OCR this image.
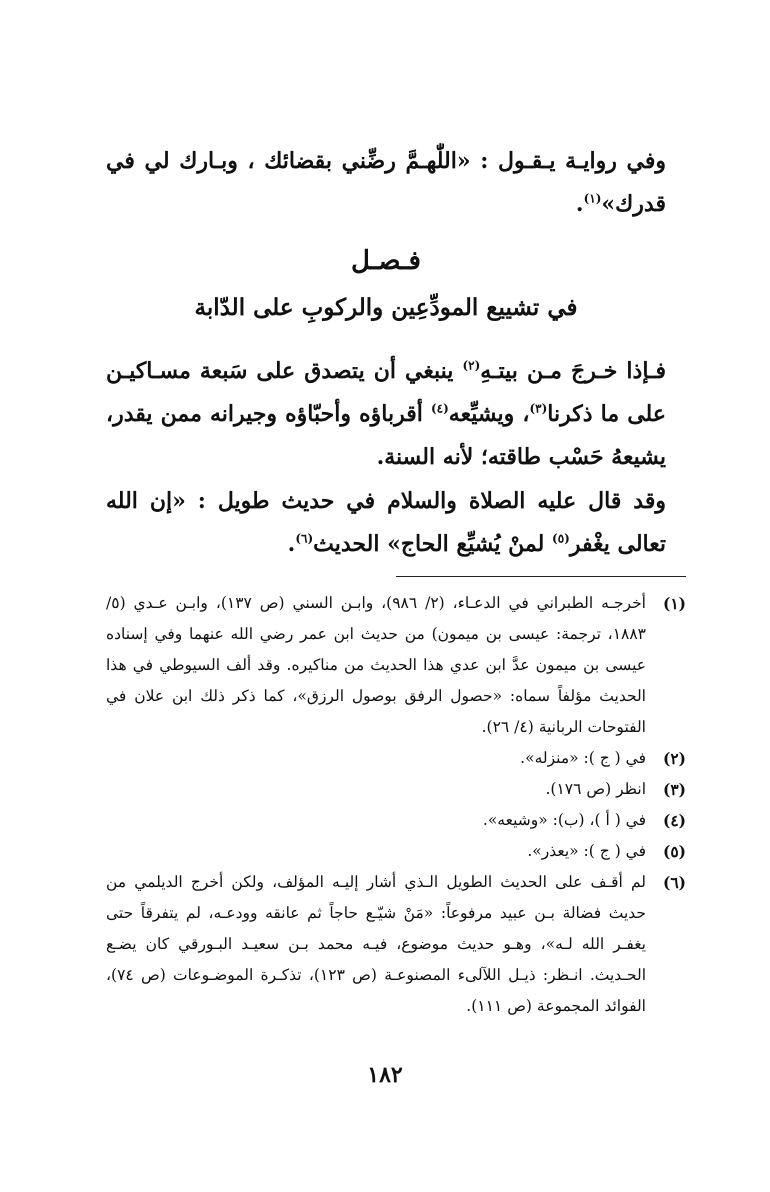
وفي روايـة يـقـول : «اللّٰهـمَّ رضِّني بقضائك ، وبـارك لي في قدرك»$^{(١)}$.

فـصـل
في تشييع المودِّعِين والركوبِ على الدّابة

فـإذا خـرجَ مـن بيتـهِ$^{(٢)}$ ينبغي أن يتصدق على سَبعة مسـاكيـن على ما ذكرنا$^{(٣)}$، ويشيِّعه$^{(٤)}$ أقرباؤه وأحبّاؤه وجيرانه ممن يقدر، يشيعهُ حَسْب طاقته؛ لأنه السنة.

وقد قال عليه الصلاة والسلام في حديث طويل : «إن الله تعالى يغْفر$^{(٥)}$ لمنْ يُشيِّع الحاج» الحديث$^{(٦)}$.

(١)
أخرجـه الطبراني في الدعـاء، (٢/ ٩٨٦)، وابـن السني (ص ١٣٧)، وابـن عـدي (٥/ ١٨٨٣، ترجمة: عيسى بن ميمون) من حديث ابن عمر رضي الله عنهما وفي إسناده عيسى بن ميمون عدَّ ابن عدي هذا الحديث من مناكيره. وقد ألف السيوطي في هذا الحديث مؤلفاً سماه: «حصول الرفق بوصول الرزق»، كما ذكر ذلك ابن علان في الفتوحات الربانية (٤/ ٢٦).
(٢)
في ( ج ): «منزله».
(٣)
انظر (ص ١٧٦).
(٤)
في ( أ )، (ب): «وشيعه».
(٥)
في ( ج ): «يعذر».
(٦)
لم أقـف على الحديث الطويل الـذي أشار إليـه المؤلف، ولكن أخرج الديلمي من حديث فضالة بـن عبيد مرفوعاً: «مَنْ شيّـع حاجاً ثم عانقه وودعـه، لم يتفرقاً حتى يغفـر الله لـه»، وهـو حديث موضوع، فيـه محمد بـن سعيـد البـورقي كان يضـع الحـديث. انـظر: ذيـل اللآلىء المصنوعـة (ص ١٢٣)، تذكـرة الموضـوعات (ص ٧٤)، الفوائد المجموعة (ص ١١١).
١٨٢
